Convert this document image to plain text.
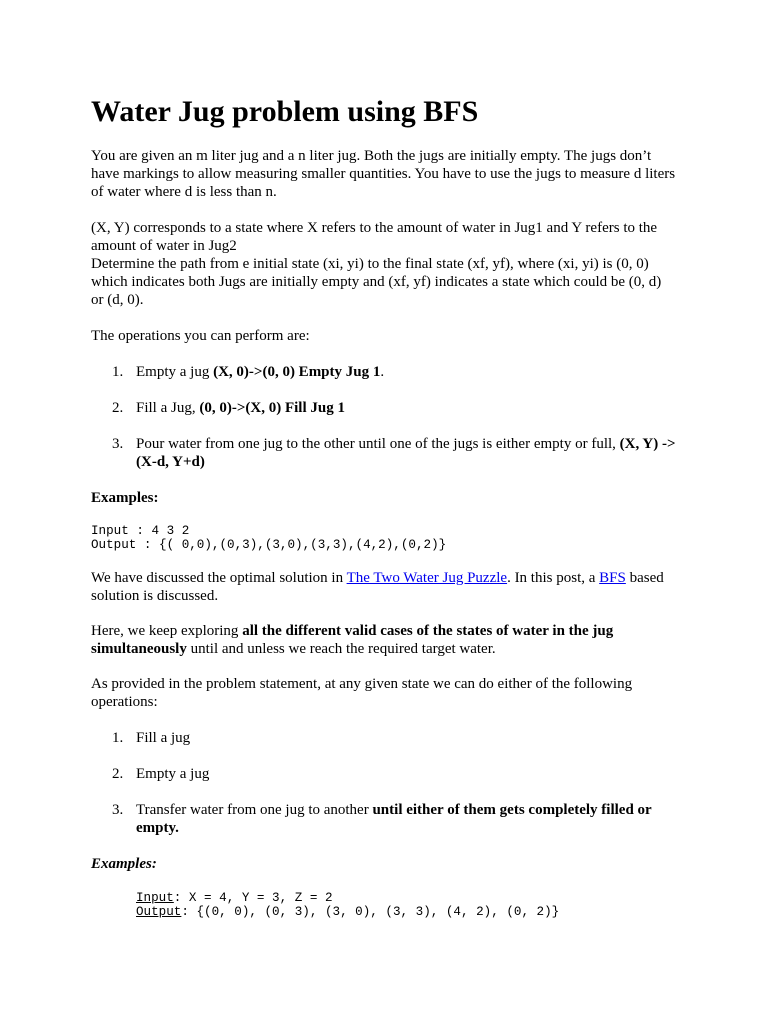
Water Jug problem using BFS

You are given an m liter jug and a n liter jug. Both the jugs are initially empty. The jugs don’t have markings to allow measuring smaller quantities. You have to use the jugs to measure d liters of water where d is less than n.

(X, Y) corresponds to a state where X refers to the amount of water in Jug1 and Y refers to the amount of water in Jug2

Determine the path from e initial state (xi, yi) to the final state (xf, yf), where (xi, yi) is (0, 0) which indicates both Jugs are initially empty and (xf, yf) indicates a state which could be (0, d) or (d, 0).

The operations you can perform are:

1. Empty a jug (X, 0)->(0, 0) Empty Jug 1.
2. Fill a Jug, (0, 0)->(X, 0) Fill Jug 1
3. Pour water from one jug to the other until one of the jugs is either empty or full, (X, Y) -> (X-d, Y+d)

Examples:

Input : 4 3 2
Output : {( 0,0),(0,3),(3,0),(3,3),(4,2),(0,2)}

We have discussed the optimal solution in The Two Water Jug Puzzle. In this post, a BFS based solution is discussed.

Here, we keep exploring all the different valid cases of the states of water in the jug simultaneously until and unless we reach the required target water.

As provided in the problem statement, at any given state we can do either of the following operations:

1. Fill a jug
2. Empty a jug
3. Transfer water from one jug to another until either of them gets completely filled or empty.

Examples:

Input: X = 4, Y = 3, Z = 2
Output: {(0, 0), (0, 3), (3, 0), (3, 3), (4, 2), (0, 2)}
